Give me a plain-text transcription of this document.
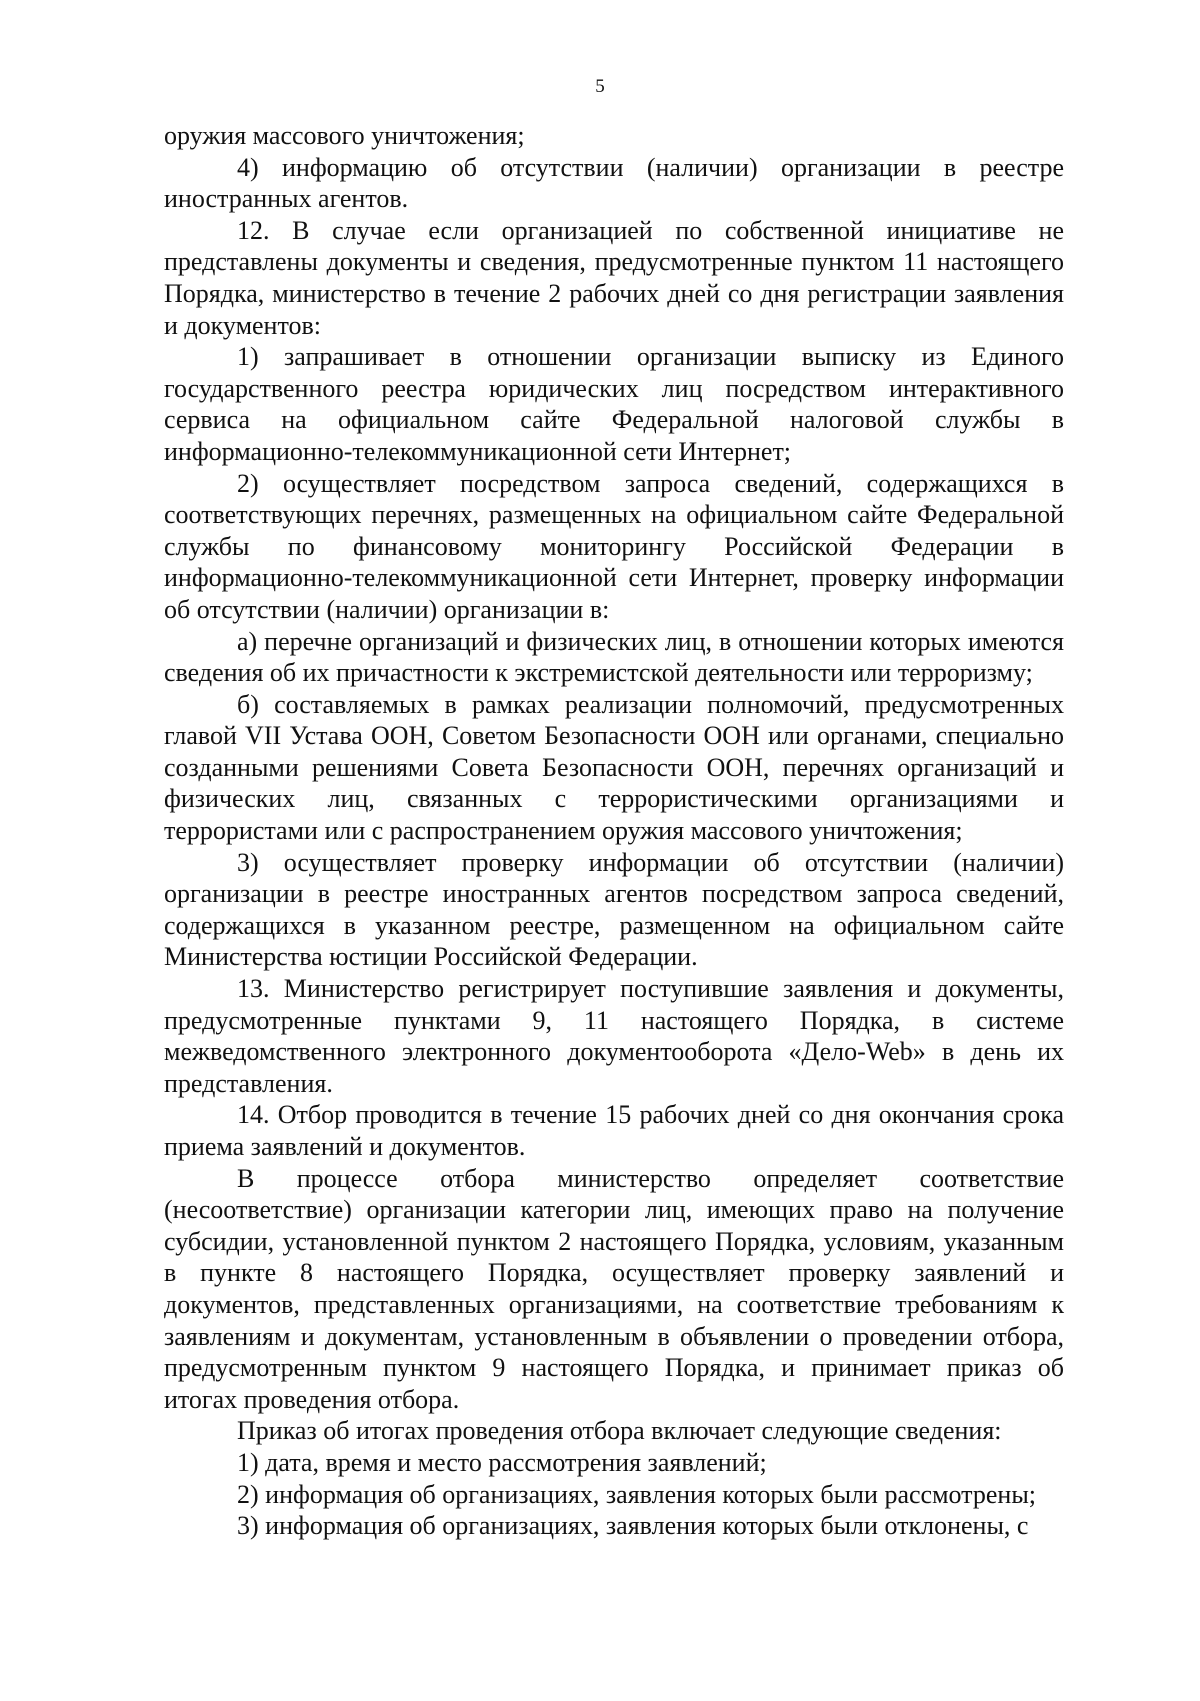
5

оружия массового уничтожения;

4) информацию об отсутствии (наличии) организации в реестре иностранных агентов.

12. В случае если организацией по собственной инициативе не представлены документы и сведения, предусмотренные пунктом 11 настоящего Порядка, министерство в течение 2 рабочих дней со дня регистрации заявления и документов:

1) запрашивает в отношении организации выписку из Единого государственного реестра юридических лиц посредством интерактивного сервиса на официальном сайте Федеральной налоговой службы в информационно-телекоммуникационной сети Интернет;

2) осуществляет посредством запроса сведений, содержащихся в соответствующих перечнях, размещенных на официальном сайте Федеральной службы по финансовому мониторингу Российской Федерации в информационно-телекоммуникационной сети Интернет, проверку информации об отсутствии (наличии) организации в:

а) перечне организаций и физических лиц, в отношении которых имеются сведения об их причастности к экстремистской деятельности или терроризму;

б) составляемых в рамках реализации полномочий, предусмотренных главой VII Устава ООН, Советом Безопасности ООН или органами, специально созданными решениями Совета Безопасности ООН, перечнях организаций и физических лиц, связанных с террористическими организациями и террористами или с распространением оружия массового уничтожения;

3) осуществляет проверку информации об отсутствии (наличии) организации в реестре иностранных агентов посредством запроса сведений, содержащихся в указанном реестре, размещенном на официальном сайте Министерства юстиции Российской Федерации.

13. Министерство регистрирует поступившие заявления и документы, предусмотренные пунктами 9, 11 настоящего Порядка, в системе межведомственного электронного документооборота «Дело-Web» в день их представления.

14. Отбор проводится в течение 15 рабочих дней со дня окончания срока приема заявлений и документов.

В процессе отбора министерство определяет соответствие (несоответствие) организации категории лиц, имеющих право на получение субсидии, установленной пунктом 2 настоящего Порядка, условиям, указанным в пункте 8 настоящего Порядка, осуществляет проверку заявлений и документов, представленных организациями, на соответствие требованиям к заявлениям и документам, установленным в объявлении о проведении отбора, предусмотренным пунктом 9 настоящего Порядка, и принимает приказ об итогах проведения отбора.

Приказ об итогах проведения отбора включает следующие сведения:

1) дата, время и место рассмотрения заявлений;

2) информация об организациях, заявления которых были рассмотрены;

3) информация об организациях, заявления которых были отклонены, с
